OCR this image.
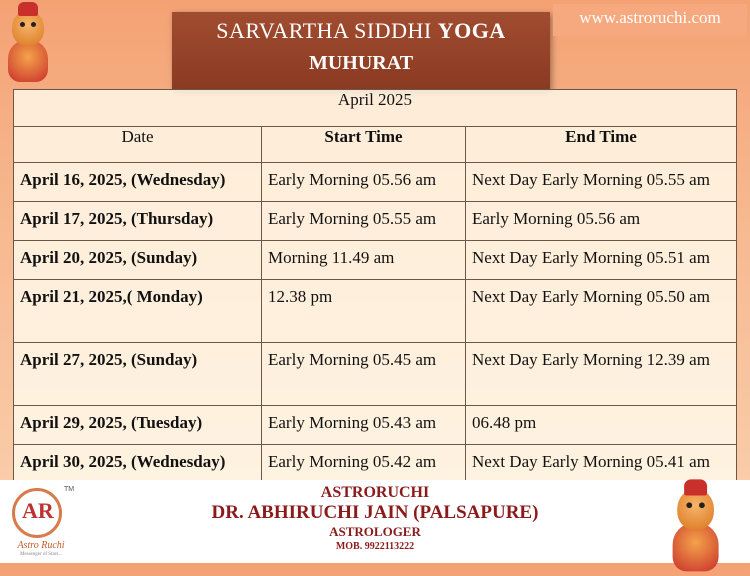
SARVARTHA SIDDHI YOGA
MUHURAT
www.astroruchi.com
April 2025		
Date	Start Time	End Time
April 16, 2025, (Wednesday)	Early Morning 05.56 am	Next Day Early Morning 05.55 am
April 17, 2025, (Thursday)	Early Morning 05.55 am	Early Morning 05.56 am
April 20, 2025, (Sunday)	Morning 11.49 am	Next Day Early Morning 05.51 am
April 21, 2025,( Monday)	12.38 pm	Next Day Early Morning 05.50 am
April 27, 2025, (Sunday)	Early Morning 05.45 am	Next Day Early Morning 12.39 am
April 29, 2025, (Tuesday)	Early Morning 05.43 am	06.48 pm
April 30, 2025, (Wednesday)	Early Morning 05.42 am	Next Day Early Morning 05.41 am
AR
TM
Astro Ruchi
Messenger of Stars...
ASTRORUCHI
DR. ABHIRUCHI JAIN (PALSAPURE)
ASTROLOGER
MOB. 9922113222
